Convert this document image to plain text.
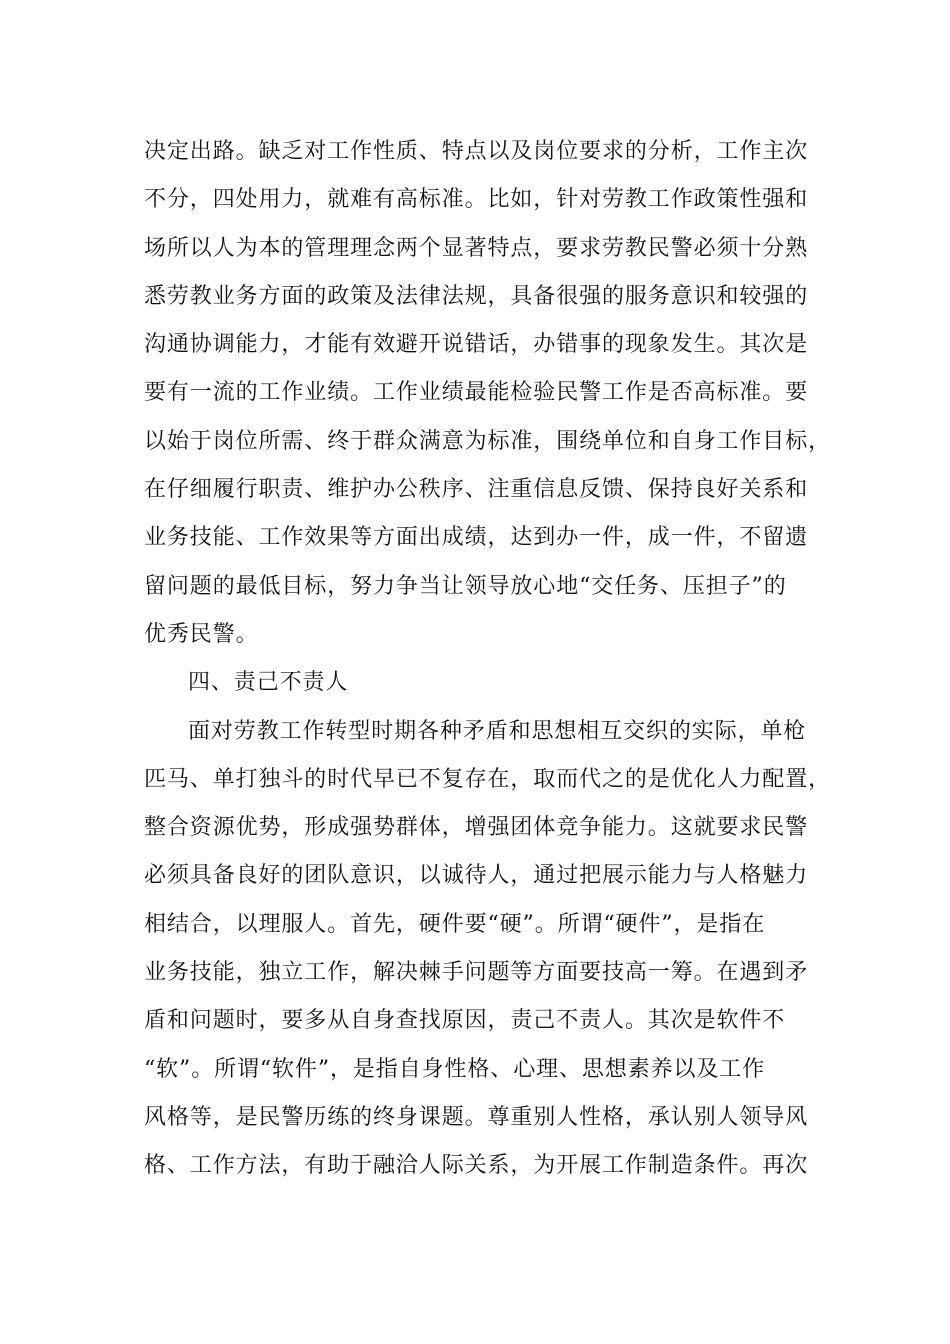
决定出路。缺乏对工作性质、特点以及岗位要求的分析，工作主次
不分，四处用力，就难有高标准。比如，针对劳教工作政策性强和
场所以人为本的管理理念两个显著特点，要求劳教民警必须十分熟
悉劳教业务方面的政策及法律法规，具备很强的服务意识和较强的
沟通协调能力，才能有效避开说错话，办错事的现象发生。其次是
要有一流的工作业绩。工作业绩最能检验民警工作是否高标准。要
以始于岗位所需、终于群众满意为标准，围绕单位和自身工作目标，
在仔细履行职责、维护办公秩序、注重信息反馈、保持良好关系和
业务技能、工作效果等方面出成绩，达到办一件，成一件，不留遗
留问题的最低目标，努力争当让领导放心地“交任务、压担子”的
优秀民警。
四、责己不责人
面对劳教工作转型时期各种矛盾和思想相互交织的实际，单枪
匹马、单打独斗的时代早已不复存在，取而代之的是优化人力配置，
整合资源优势，形成强势群体，增强团体竞争能力。这就要求民警
必须具备良好的团队意识，以诚待人，通过把展示能力与人格魅力
相结合，以理服人。首先，硬件要“硬”。所谓“硬件”，是指在
业务技能，独立工作，解决棘手问题等方面要技高一筹。在遇到矛
盾和问题时，要多从自身查找原因，责己不责人。其次是软件不
“软”。所谓“软件”，是指自身性格、心理、思想素养以及工作
风格等，是民警历练的终身课题。尊重别人性格，承认别人领导风
格、工作方法，有助于融洽人际关系，为开展工作制造条件。再次
